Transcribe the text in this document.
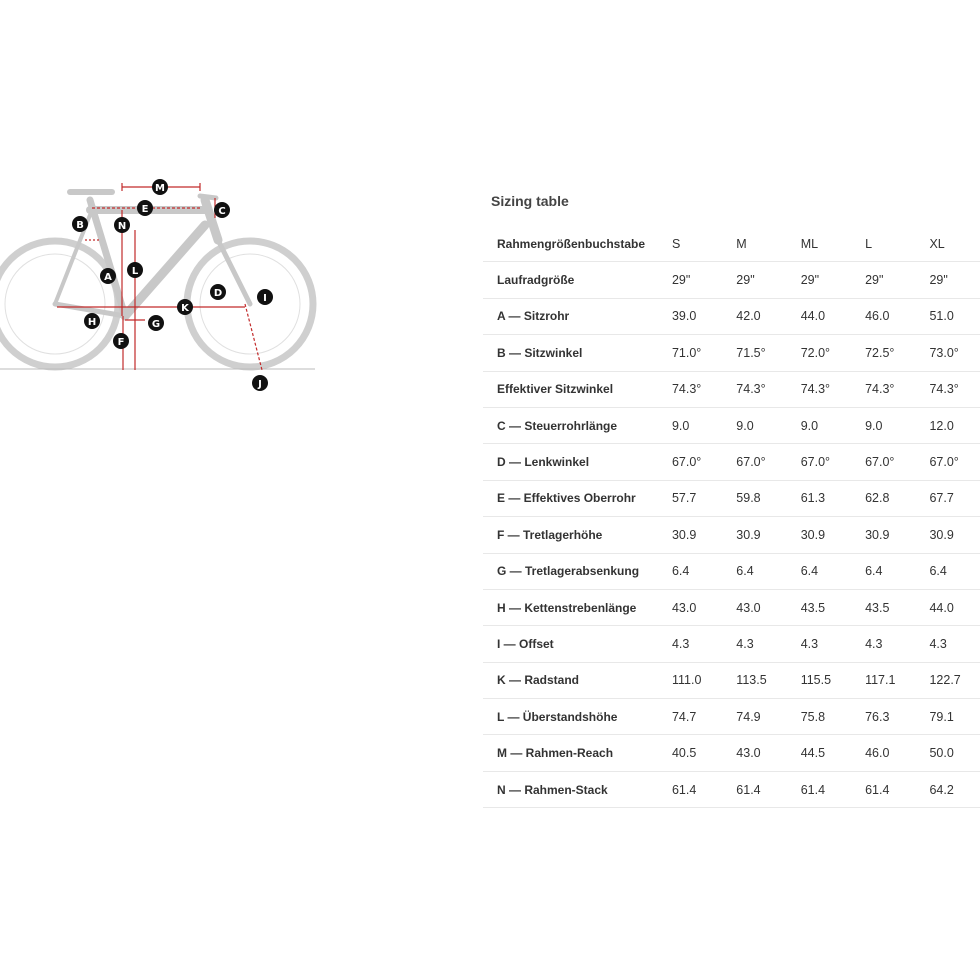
M
E	C
B	N
L
A
D	I
K
H	G
F
J
Sizing table
Rahmengrößenbuchstabe	S	M	ML	L	XL
Laufradgröße	29"	29"	29"	29"	29"
A — Sitzrohr	39.0	42.0	44.0	46.0	51.0
B — Sitzwinkel	71.0°	71.5°	72.0°	72.5°	73.0°
Effektiver Sitzwinkel	74.3°	74.3°	74.3°	74.3°	74.3°
C — Steuerrohrlänge	9.0	9.0	9.0	9.0	12.0
D — Lenkwinkel	67.0°	67.0°	67.0°	67.0°	67.0°
E — Effektives Oberrohr	57.7	59.8	61.3	62.8	67.7
F — Tretlagerhöhe	30.9	30.9	30.9	30.9	30.9
G — Tretlagerabsenkung	6.4	6.4	6.4	6.4	6.4
H — Kettenstrebenlänge	43.0	43.0	43.5	43.5	44.0
I — Offset	4.3	4.3	4.3	4.3	4.3
K — Radstand	111.0	113.5	115.5	117.1	122.7
L — Überstandshöhe	74.7	74.9	75.8	76.3	79.1
M — Rahmen-Reach	40.5	43.0	44.5	46.0	50.0
N — Rahmen-Stack	61.4	61.4	61.4	61.4	64.2
